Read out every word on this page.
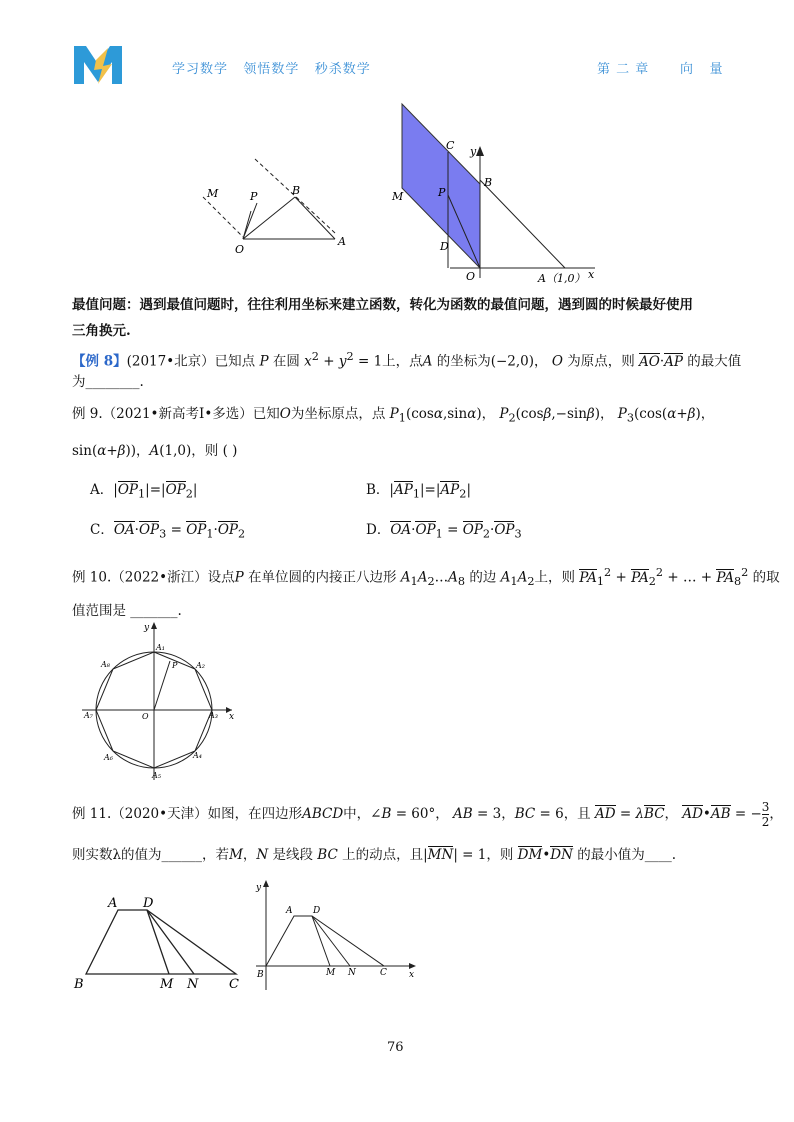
学习数学   领悟数学   秒杀数学	第 二 章      向   量
M	P	B
O
A
C y
P
B
M
D
O	A（1,0） x
最值问题：遇到最值问题时，往往利用坐标来建立函数，转化为函数的最值问题，遇到圆的时候最好使用
三角换元.
【例 8】(2017•北京）已知点 P 在圆 $x^2 + y^2 = 1$上，点A 的坐标为(−2,0)， O 为原点，则 AO·AP 的最大值
为________.
例 9.（2021•新高考Ⅰ•多选）已知O为坐标原点，点 $P_1(\cos\alpha,\sin\alpha)$， $P_2(\cos\beta,-\sin\beta)$， $P_3(\cos(\alpha+\beta)$，
sin(α+β))，A(1,0)，则 ( )
A．$|OP_1|=|OP_2|$	B．$|AP_1|=|AP_2|$
C．$OA\cdot OP_3 = OP_1\cdot OP_2$	D．$OA\cdot OP_1 = OP_2\cdot OP_3$
例 10.（2022•浙江）设点P 在单位圆的内接正八边形 $A_1A_2\dots A_8$ 的边 $A_1A_2$上，则 $PA_1^2 + PA_2^2$ + … + $PA_8^2$ 的取
值范围是 _______.
y
A₁
A₂
A₃
A₄
A₅
A₆
A₇
A₈	P
O	x
例 11.（2020•天津）如图，在四边形ABCD中，∠B = 60°， AB = 3，BC = 6，且 AD = λBC， AD•AB = − $\frac{3}{2}$ ，
则实数λ的值为______，若M，N 是线段 BC 上的动点，且|MN| = 1，则 DM•DN 的最小值为____.
A D
B	M N C
y
A D
B	M N	C x
76
